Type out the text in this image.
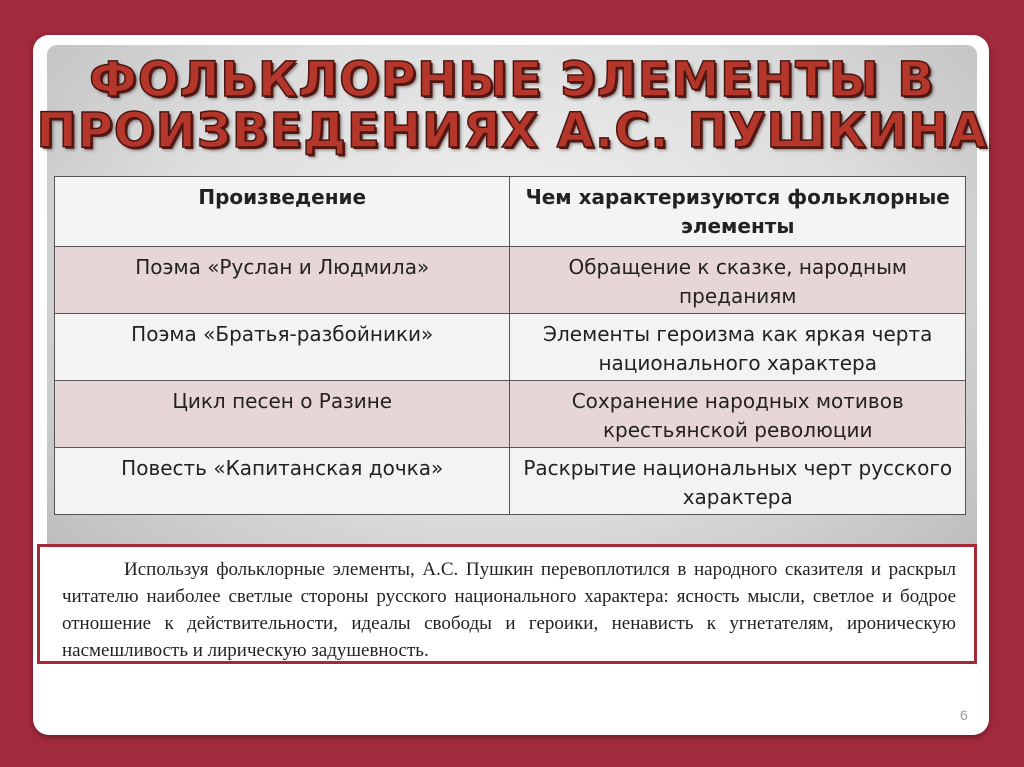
6
ФОЛЬКЛОРНЫЕ ЭЛЕМЕНТЫ В
ПРОИЗВЕДЕНИЯХ А.С. ПУШКИНА
Произведение	Чем характеризуются фольклорные элементы
Поэма «Руслан и Людмила»	Обращение к сказке, народным преданиям
Поэма «Братья-разбойники»	Элементы героизма как яркая черта национального характера
Цикл песен о Разине	Сохранение народных мотивов крестьянской революции
Повесть «Капитанская дочка»	Раскрытие национальных черт русского характера
Используя фольклорные элементы, А.С. Пушкин перевоплотился в народного сказителя и раскрыл читателю наиболее светлые стороны русского национального характера: ясность мысли, светлое и бодрое отношение к действительности, идеалы свободы и героики, ненависть к угнетателям, ироническую насмешливость и лирическую задушевность.
